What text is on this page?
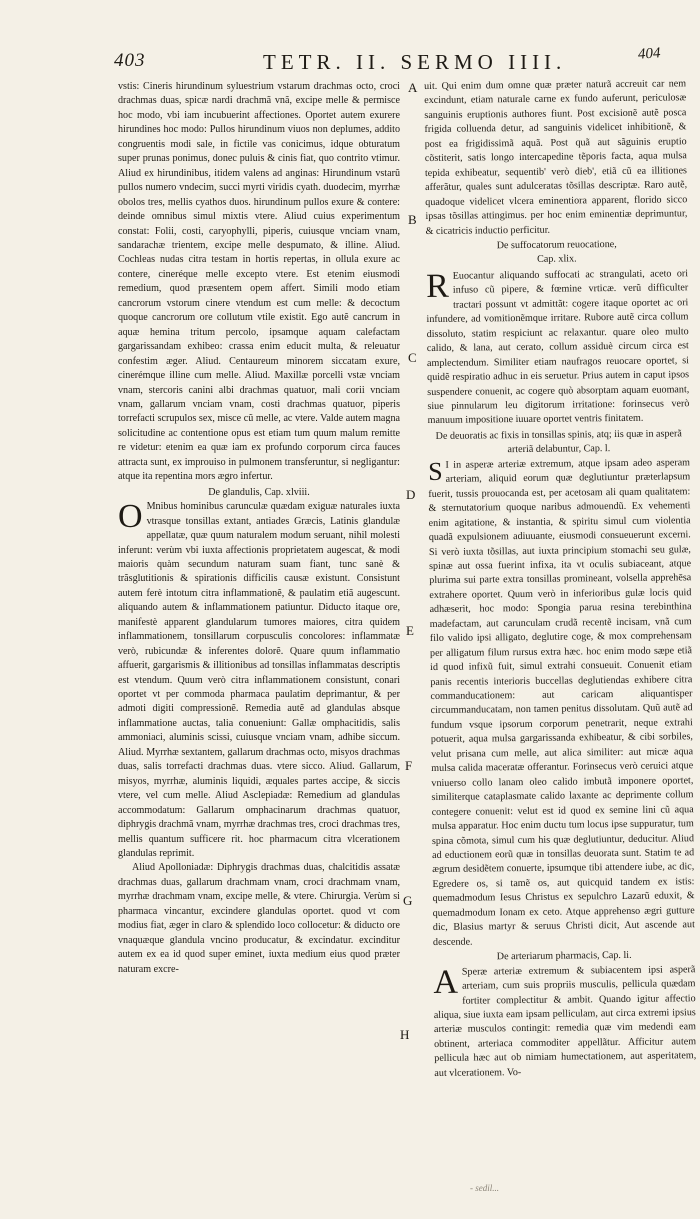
403	TETR. II. SERMO IIII.	404
A
B
C
D
E
F
G
H

vstis: Cineris hirundinum syluestrium vstarum drachmas octo, croci drachmas duas, spicæ nardi drachmã vnã, excipe melle & permisce hoc modo, vbi iam incubuerint affectiones. Oportet autem exurere hirundines hoc modo: Pullos hirundinum viuos non deplumes, addito congruentis modi sale, in fictile vas conicimus, idque obturatum super prunas ponimus, donec puluis & cinis fiat, quo contrito vtimur. Aliud ex hirundinibus, itidem valens ad anginas: Hirundinum vstarũ pullos numero vndecim, succi myrti viridis cyath. duodecim, myrrhæ obolos tres, mellis cyathos duos. hirundinum pullos exure & contere: deinde omnibus simul mixtis vtere. Aliud cuius experimentum constat: Folii, costi, caryophylli, piperis, cuiusque vnciam vnam, sandarachæ trientem, excipe melle despumato, & illine. Aliud. Cochleas nudas citra testam in hortis repertas, in ollula exure ac contere, cineréque melle excepto vtere. Est etenim eiusmodi remedium, quod præsentem opem affert. Simili modo etiam cancrorum vstorum cinere vtendum est cum melle: & decoctum quoque cancrorum ore collutum vtile existit. Ego autẽ cancrum in aquæ hemina tritum percolo, ipsamque aquam calefactam gargarissandam exhibeo: crassa enim educit multa, & releuatur confestim æger. Aliud. Centaureum minorem siccatam exure, cinerémque illine cum melle. Aliud. Maxillæ porcelli vstæ vnciam vnam, stercoris canini albi drachmas quatuor, mali corii vnciam vnam, gallarum vnciam vnam, costi drachmas quatuor, piperis torrefacti scrupulos sex, misce cũ melle, ac vtere. Valde autem magna solicitudine ac contentione opus est etiam tum quum malum remitte re videtur: etenim ea quæ iam ex profundo corporum circa fauces attracta sunt, ex improuiso in pulmonem transferuntur, si negligantur: atque ita repentina mors ægro infertur.

De glandulis, Cap. xlviii.

O Mnibus hominibus carunculæ quædam exiguæ naturales iuxta vtrasque tonsillas extant, antiades Græcis, Latinis glandulæ appellatæ, quæ quum naturalem modum seruant, nihil molesti inferunt: verùm vbi iuxta affectionis proprietatem augescat, & modi maioris quàm secundum naturam suam fiant, tunc sanè & trãsglutitionis & spirationis difficilis causæ existunt. Consistunt autem ferè intotum citra inflammationẽ, & paulatim etiã augescunt. aliquando autem & inflammationem patiuntur. Diducto itaque ore, manifestè apparent glandularum tumores maiores, citra quidem inflammationem, tonsillarum corpusculis concolores: inflammatæ verò, rubicundæ & inferentes dolorẽ. Quare quum inflammatio affuerit, gargarismis & illitionibus ad tonsillas inflammatas descriptis est vtendum. Quum verò citra inflammationem consistunt, conari oportet vt per commoda pharmaca paulatim deprimantur, & per admoti digiti compressionẽ. Remedia autẽ ad glandulas absque inflammatione auctas, talia conueniunt: Gallæ omphacitidis, salis ammoniaci, aluminis scissi, cuiusque vnciam vnam, adhibe siccum. Aliud. Myrrhæ sextantem, gallarum drachmas octo, misyos drachmas duas, salis torrefacti drachmas duas. vtere sicco. Aliud. Gallarum, misyos, myrrhæ, aluminis liquidi, æquales partes accipe, & siccis vtere, vel cum melle. Aliud Asclepiadæ: Remedium ad glandulas accommodatum: Gallarum omphacinarum drachmas quatuor, diphrygis drachmã vnam, myrrhæ drachmas tres, croci drachmas tres, mellis quantum sufficere rit. hoc pharmacum citra vlcerationem glandulas reprimit.

Aliud Apolloniadæ: Diphrygis drachmas duas, chalcitidis assatæ drachmas duas, gallarum drachmam vnam, croci drachmam vnam, myrrhæ drachmam vnam, excipe melle, & vtere. Chirurgia. Verùm si pharmaca vincantur, excindere glandulas oportet. quod vt com modius fiat, æger in claro & splendido loco collocetur: & diducto ore vnaquæque glandula vncino producatur, & excindatur. excinditur autem ex ea id quod super eminet, iuxta medium eius quod præter naturam excre-

uit. Qui enim dum omne quæ præter naturã accreuit car nem excindunt, etiam naturale carne ex fundo auferunt, periculosæ sanguinis eruptionis authores fiunt. Post excisionẽ autẽ posca frigida colluenda detur, ad sanguinis videlicet inhibitionẽ, & post ea frigidissimã aquã. Post quã aut sãguinis eruptio cõstiterit, satis longo intercapedine tẽporis facta, aqua mulsa tepida exhibeatur, sequentib' verò dieb', etiã cũ ea illitiones afferãtur, quales sunt adulceratas tõsillas descriptæ. Raro autẽ, quadoque videlicet vlcera eminentiora apparent, florido sicco ipsas tõsillas attingimus. per hoc enim eminentiæ deprimuntur, & cicatricis inductio perficitur.

De suffocatorum reuocatione,

Cap. xlix.

R Euocantur aliquando suffocati ac strangulati, aceto ori infuso cũ pipere, & fœmine vrticæ. verũ difficulter tractari possunt vt admittãt: cogere itaque oportet ac ori infundere, ad vomitionẽmque irritare. Rubore autẽ circa collum dissoluto, statim respiciunt ac relaxantur. quare oleo multo calido, & lana, aut cerato, collum assiduè circum circa est amplectendum. Similiter etiam naufragos reuocare oportet, si quidẽ respiratio adhuc in eis seruetur. Prius autem in caput ipsos suspendere conuenit, ac cogere quò absorptam aquam euomant, siue pinnularum leu digitorum irritatione: forinsecus verò manuum impositione iuuare oportet ventris finitatem.

De deuoratis ac fixis in tonsillas spinis, atq; iis quæ in asperã arteriã delabuntur, Cap. l.

S I in asperæ arteriæ extremum, atque ipsam adeo asperam arteriam, aliquid eorum quæ deglutiuntur præterlapsum fuerit, tussis prouocanda est, per acetosam ali quam qualitatem: & sternutatorium quoque naribus admouendũ. Ex vehementi enim agitatione, & instantia, & spiritu simul cum violentia quadã expulsionem adiuuante, eiusmodi consueuerunt excerni. Si verò iuxta tõsillas, aut iuxta principium stomachi seu gulæ, spinæ aut ossa fuerint infixa, ita vt oculis subiaceant, atque plurima sui parte extra tonsillas promineant, volsella apprehēsa extrahere oportet. Quum verò in inferioribus gulæ locis quid adhæserit, hoc modo: Spongia parua resina terebinthina madefactam, aut carunculam crudã recentẽ incisam, vnã cum filo valido ipsi alligato, deglutire coge, & mox comprehensam per alligatum filum rursus extra hæc. hoc enim modo sæpe etiã id quod infixũ fuit, simul extrahi consueuit. Conuenit etiam panis recentis interioris buccellas deglutiendas exhibere citra commanducationem: aut caricam aliquantisper circummanducatam, non tamen penitus dissolutam. Quũ autẽ ad fundum vsque ipsorum corporum penetrarit, neque extrahi potuerit, aqua mulsa gargarissanda exhibeatur, & cibi sorbiles, velut prisana cum melle, aut alica similiter: aut micæ aqua mulsa calida maceratæ offerantur. Forinsecus verò ceruici atque vniuerso collo lanam oleo calido imbutã imponere oportet, similiterque cataplasmate calido laxante ac deprimente collum contegere conuenit: velut est id quod ex semine lini cũ aqua mulsa apparatur. Hoc enim ductu tum locus ipse suppuratur, tum spina cõmota, simul cum his quæ deglutiuntur, deducitur. Aliud ad eductionem eorũ quæ in tonsillas deuorata sunt. Statim te ad ægrum desidẽtem conuerte, ipsumque tibi attendere iube, ac dic, Egredere os, si tamẽ os, aut quicquid tandem ex istis: quemadmodum Iesus Christus ex sepulchro Lazarũ eduxit, & quemadmodum Ionam ex ceto. Atque apprehenso ægri gutture dic, Blasius martyr & seruus Christi dicit, Aut ascende aut descende.

De arteriarum pharmacis, Cap. li.

A Speræ arteriæ extremum & subiacentem ipsi asperã arteriam, cum suis propriis musculis, pellicula quædam fortiter complectitur & ambit. Quando igitur affectio aliqua, siue iuxta eam ipsam pelliculam, aut circa extremi ipsius arteriæ musculos contingit: remedia quæ vim medendi eam obtinent, arteriaca commoditer appellãtur. Afficitur autem pellicula hæc aut ob nimiam humectationem, aut asperitatem, aut vlcerationem. Vo-

- sedil...
